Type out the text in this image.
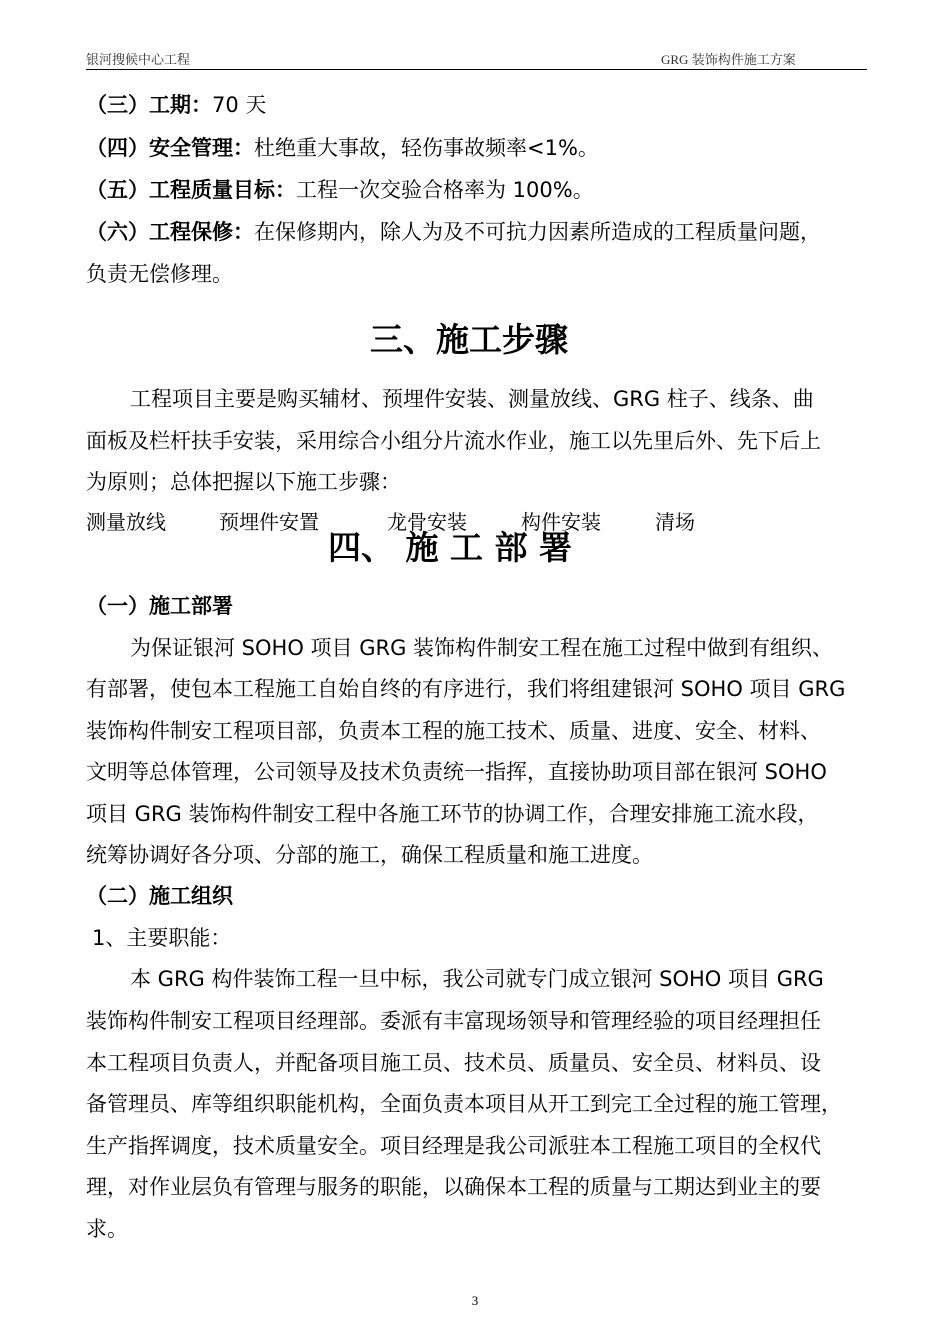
银河搜候中心工程	GRG 装饰构件施工方案
（三）工期：70 天
（四）安全管理：杜绝重大事故，轻伤事故频率<1%。
（五）工程质量目标：工程一次交验合格率为 100%。
（六）工程保修：在保修期内，除人为及不可抗力因素所造成的工程质量问题，
负责无偿修理。
三、施工步骤
工程项目主要是购买辅材、预埋件安装、测量放线、GRG 柱子、线条、曲
面板及栏杆扶手安装，采用综合小组分片流水作业，施工以先里后外、先下后上
为原则；总体把握以下施工步骤：
四、 施 工 部 署
测量放线	预埋件安置	龙骨安装	构件安装	清场
（一）施工部署
为保证银河 SOHO 项目 GRG 装饰构件制安工程在施工过程中做到有组织、
有部署，使包本工程施工自始自终的有序进行，我们将组建银河 SOHO 项目 GRG
装饰构件制安工程项目部，负责本工程的施工技术、质量、进度、安全、材料、
文明等总体管理，公司领导及技术负责统一指挥，直接协助项目部在银河 SOHO
项目 GRG 装饰构件制安工程中各施工环节的协调工作，合理安排施工流水段，
统筹协调好各分项、分部的施工，确保工程质量和施工进度。
（二）施工组织
1、主要职能：
本 GRG 构件装饰工程一旦中标，我公司就专门成立银河 SOHO 项目 GRG
装饰构件制安工程项目经理部。委派有丰富现场领导和管理经验的项目经理担任
本工程项目负责人，并配备项目施工员、技术员、质量员、安全员、材料员、设
备管理员、库等组织职能机构，全面负责本项目从开工到完工全过程的施工管理，
生产指挥调度，技术质量安全。项目经理是我公司派驻本工程施工项目的全权代
理，对作业层负有管理与服务的职能，以确保本工程的质量与工期达到业主的要
求。
3
